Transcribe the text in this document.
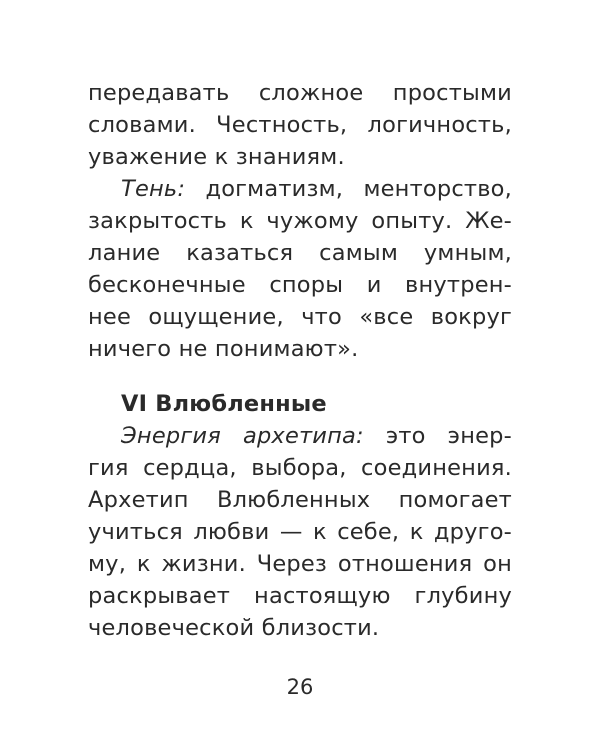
передавать сложное простыми
словами. Честность, логичность,
уважение к знаниям.
Тень: догматизм, менторство,
закрытость к чужому опыту. Же-
лание казаться самым умным,
бесконечные споры и внутрен-
нее ощущение, что «все вокруг
ничего не понимают».
VI Влюбленные
Энергия архетипа: это энер-
гия сердца, выбора, соединения.
Архетип Влюбленных помогает
учиться любви — к себе, к друго-
му, к жизни. Через отношения он
раскрывает настоящую глубину
человеческой близости.
26
